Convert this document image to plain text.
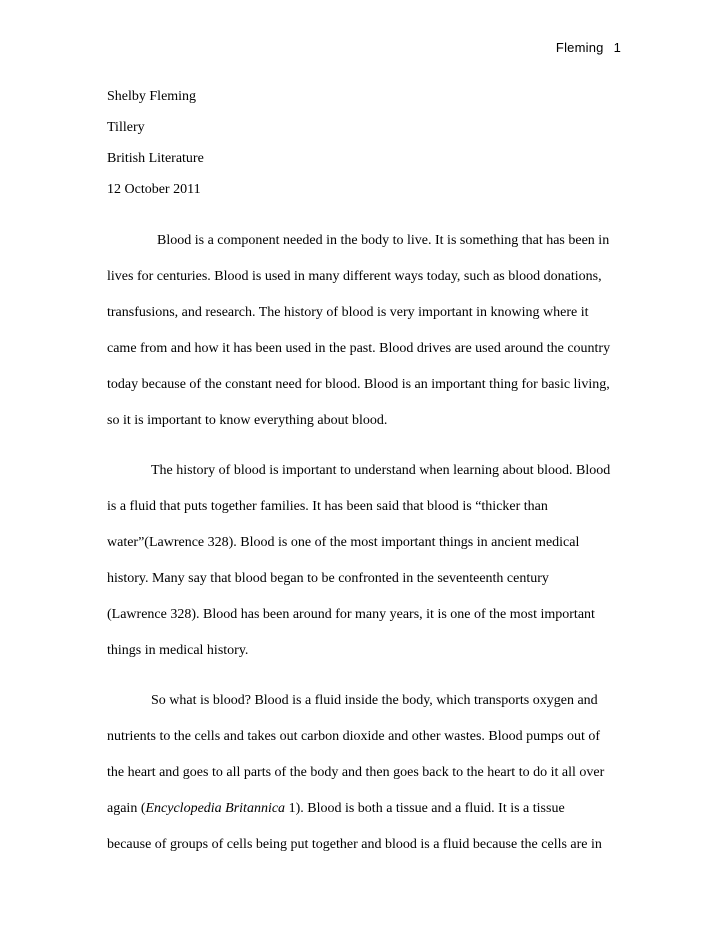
Fleming 1
Shelby Fleming
Tillery
British Literature
12 October 2011
Blood is a component needed in the body to live. It is something that has been in
lives for centuries. Blood is used in many different ways today, such as blood donations,
transfusions, and research. The history of blood is very important in knowing where it
came from and how it has been used in the past. Blood drives are used around the country
today because of the constant need for blood. Blood is an important thing for basic living,
so it is important to know everything about blood.
The history of blood is important to understand when learning about blood. Blood
is a fluid that puts together families. It has been said that blood is “thicker than
water”(Lawrence 328). Blood is one of the most important things in ancient medical
history. Many say that blood began to be confronted in the seventeenth century
(Lawrence 328). Blood has been around for many years, it is one of the most important
things in medical history.
So what is blood? Blood is a fluid inside the body, which transports oxygen and
nutrients to the cells and takes out carbon dioxide and other wastes. Blood pumps out of
the heart and goes to all parts of the body and then goes back to the heart to do it all over
again (Encyclopedia Britannica 1). Blood is both a tissue and a fluid. It is a tissue
because of groups of cells being put together and blood is a fluid because the cells are in
